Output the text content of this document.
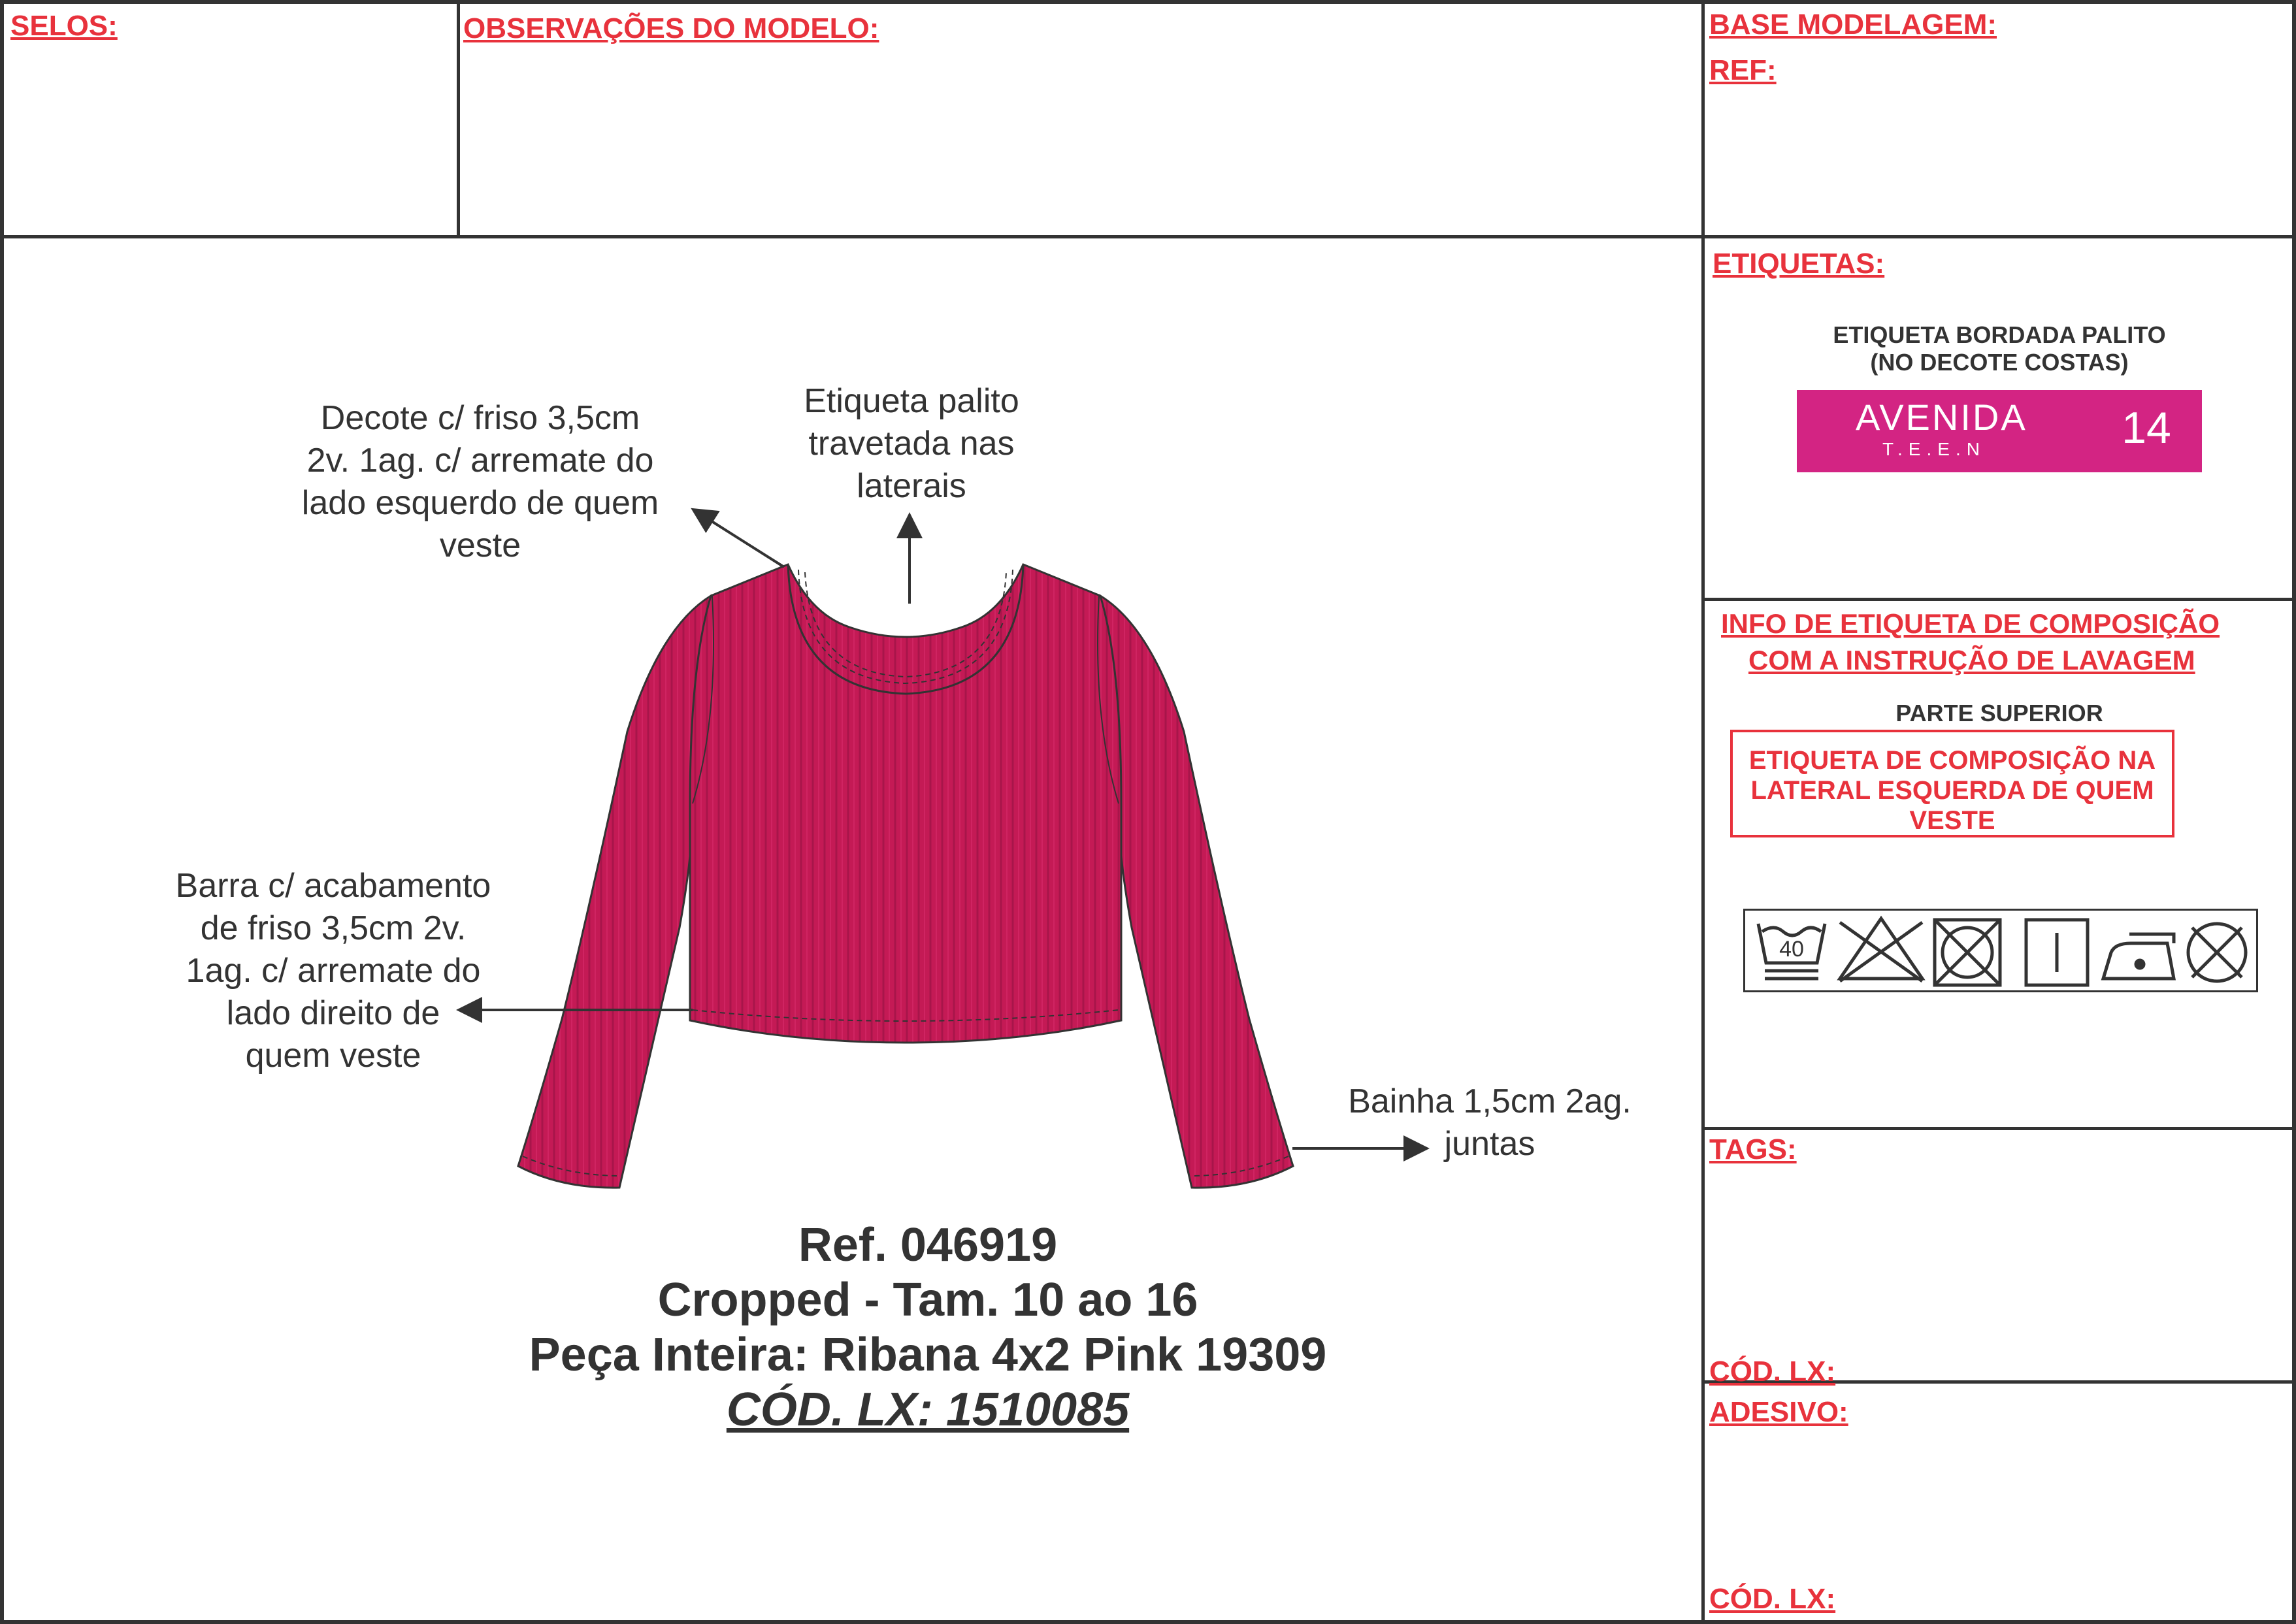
SELOS:	OBSERVAÇÕES DO MODELO:	BASE MODELAGEM:
REF:
ETIQUETAS:
ETIQUETA BORDADA PALITO
(NO DECOTE COSTAS)
AVENIDA
T.E.E.N	14
INFO DE ETIQUETA DE COMPOSIÇÃO
COM A INSTRUÇÃO DE LAVAGEM
PARTE SUPERIOR
ETIQUETA DE COMPOSIÇÃO NA
LATERAL ESQUERDA DE QUEM
VESTE
40
TAGS:
CÓD. LX:
ADESIVO:
CÓD. LX:
Decote c/ friso 3,5cm
2v. 1ag. c/ arremate do
lado esquerdo de quem
veste
Etiqueta palito
travetada nas
laterais
Barra c/ acabamento
de friso 3,5cm 2v.
1ag. c/ arremate do
lado direito de
quem veste
Bainha 1,5cm 2ag.
juntas
Ref. 046919
Cropped - Tam. 10 ao 16
Peça Inteira: Ribana 4x2 Pink 19309
CÓD. LX: 1510085
